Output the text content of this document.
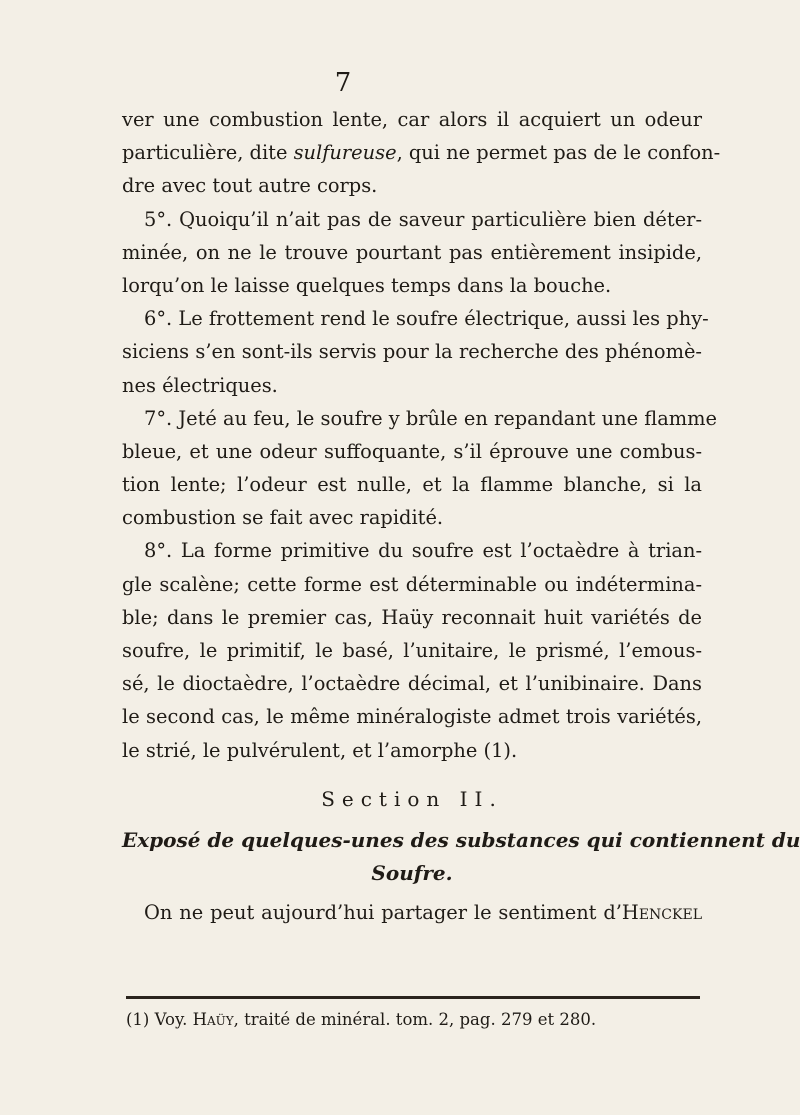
7
ver une combustion lente, car alors il acquiert un odeur
particulière, dite sulfureuse, qui ne permet pas de le confon-
dre avec tout autre corps.
5°. Quoiqu’il n’ait pas de saveur particulière bien déter-
minée, on ne le trouve pourtant pas entièrement insipide,
lorqu’on le laisse quelques temps dans la bouche.
6°. Le frottement rend le soufre électrique, aussi les phy-
siciens s’en sont-ils servis pour la recherche des phénomè-
nes électriques.
7°. Jeté au feu, le soufre y brûle en repandant une flamme
bleue, et une odeur suffoquante, s’il éprouve une combus-
tion lente; l’odeur est nulle, et la flamme blanche, si la
combustion se fait avec rapidité.
8°. La forme primitive du soufre est l’octaèdre à trian-
gle scalène; cette forme est déterminable ou indétermina-
ble; dans le premier cas, Haüy reconnait huit variétés de
soufre, le primitif, le basé, l’unitaire, le prismé, l’emous-
sé, le dioctaèdre, l’octaèdre décimal, et l’unibinaire. Dans
le second cas, le même minéralogiste admet trois variétés,
le strié, le pulvérulent, et l’amorphe (1).
Section II.
Exposé de quelques-unes des substances qui contiennent du
Soufre.
On ne peut aujourd’hui partager le sentiment d’Henckel
(1) Voy. Haüy, traité de minéral. tom. 2, pag. 279 et 280.
